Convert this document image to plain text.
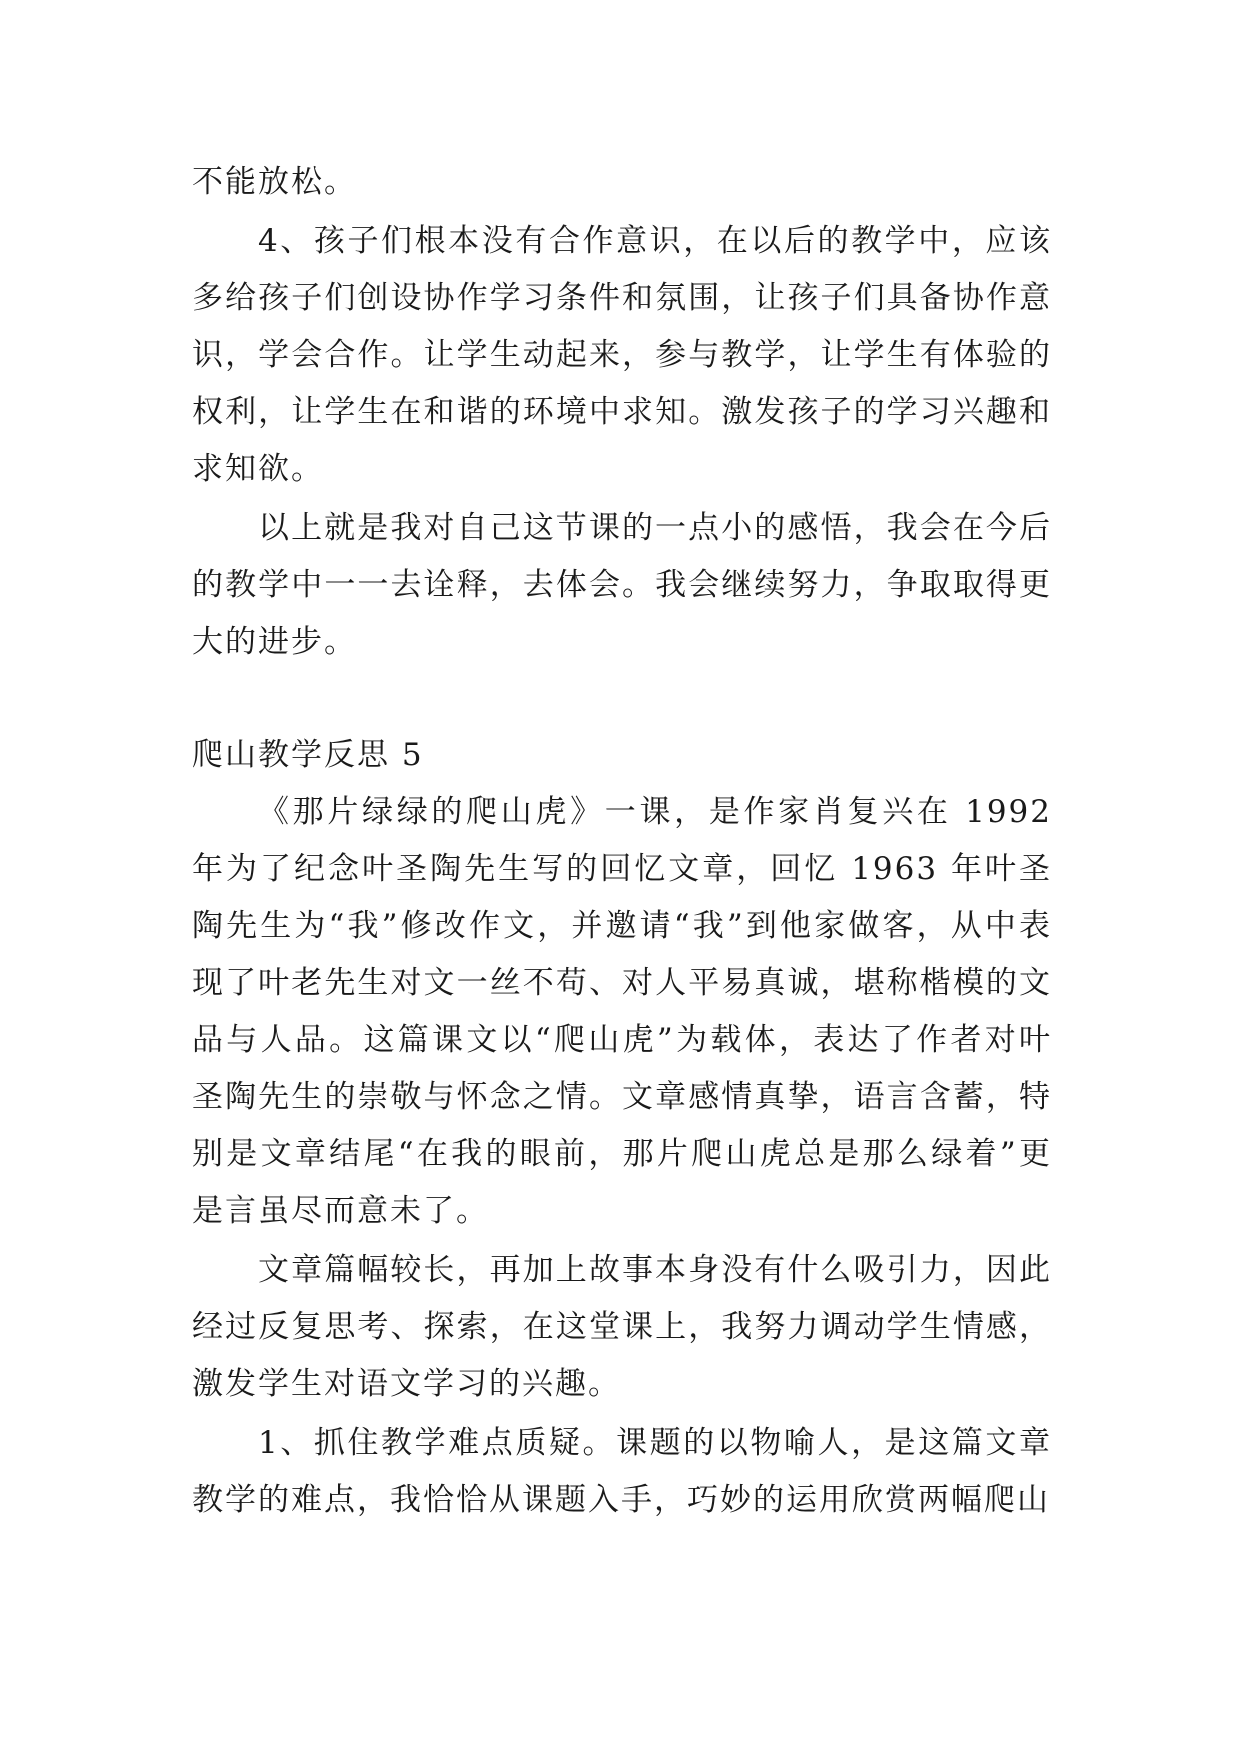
不能放松。

4、孩子们根本没有合作意识，在以后的教学中，应该多给孩子们创设协作学习条件和氛围，让孩子们具备协作意识，学会合作。让学生动起来，参与教学，让学生有体验的权利，让学生在和谐的环境中求知。激发孩子的学习兴趣和求知欲。

以上就是我对自己这节课的一点小的感悟，我会在今后的教学中一一去诠释，去体会。我会继续努力，争取取得更大的进步。

爬山教学反思 5

《那片绿绿的爬山虎》一课，是作家肖复兴在 1992 年为了纪念叶圣陶先生写的回忆文章，回忆 1963 年叶圣陶先生为“我”修改作文，并邀请“我”到他家做客，从中表现了叶老先生对文一丝不苟、对人平易真诚，堪称楷模的文品与人品。这篇课文以“爬山虎”为载体，表达了作者对叶圣陶先生的崇敬与怀念之情。文章感情真挚，语言含蓄，特别是文章结尾“在我的眼前，那片爬山虎总是那么绿着”更是言虽尽而意未了。

文章篇幅较长，再加上故事本身没有什么吸引力，因此经过反复思考、探索，在这堂课上，我努力调动学生情感，激发学生对语文学习的兴趣。

1、抓住教学难点质疑。课题的以物喻人，是这篇文章教学的难点，我恰恰从课题入手，巧妙的运用欣赏两幅爬山
